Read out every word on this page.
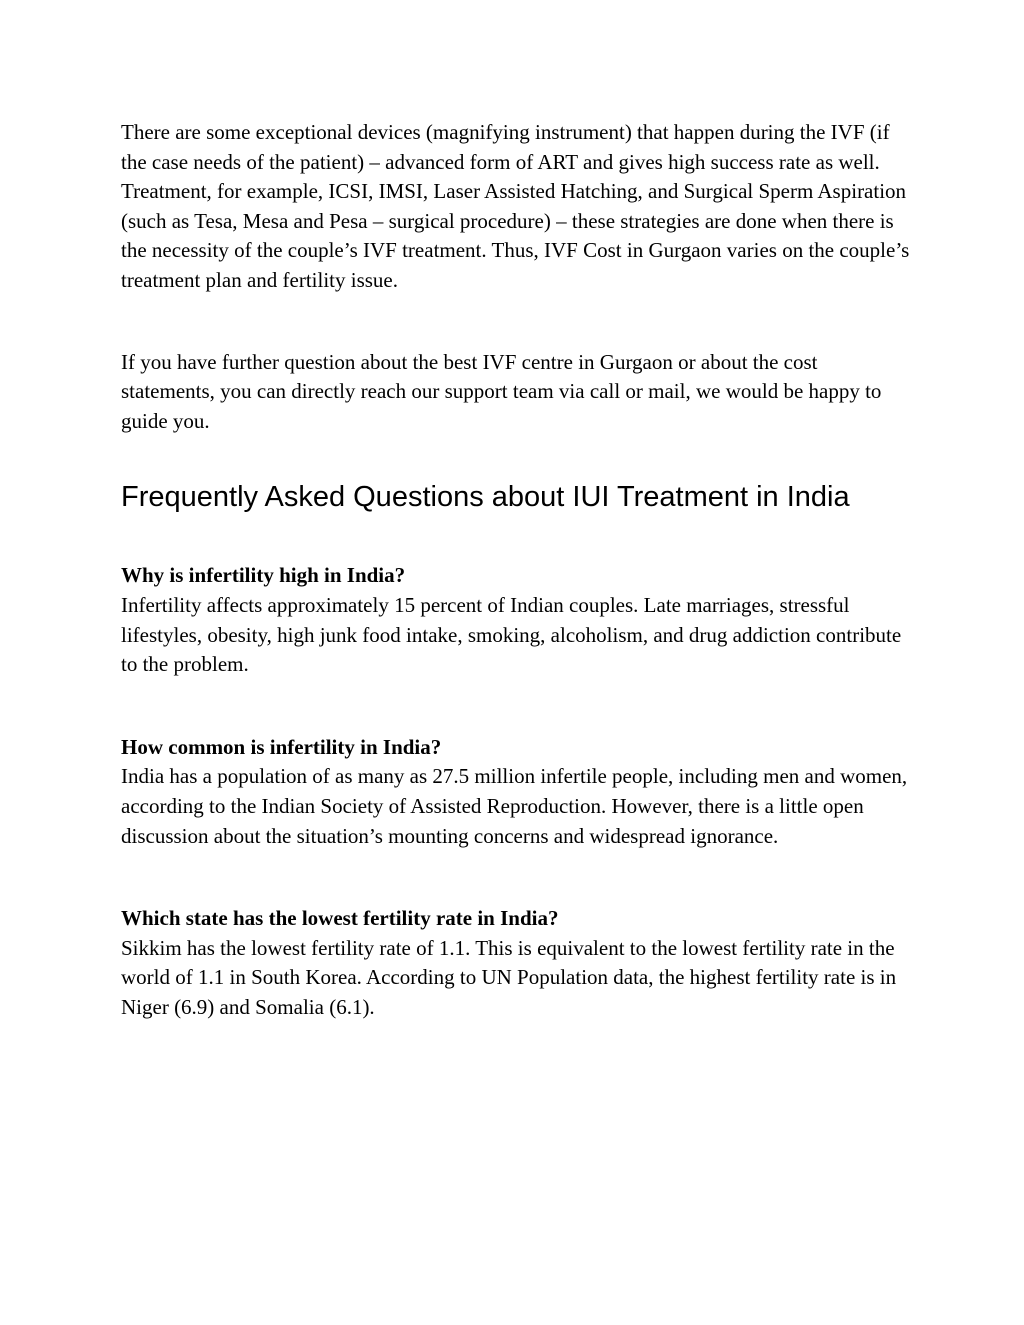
There are some exceptional devices (magnifying instrument) that happen during the IVF (if the case needs of the patient) – advanced form of ART and gives high success rate as well. Treatment, for example, ICSI, IMSI, Laser Assisted Hatching, and Surgical Sperm Aspiration (such as Tesa, Mesa and Pesa – surgical procedure) – these strategies are done when there is the necessity of the couple’s IVF treatment. Thus, IVF Cost in Gurgaon varies on the couple’s treatment plan and fertility issue.

If you have further question about the best IVF centre in Gurgaon or about the cost statements, you can directly reach our support team via call or mail, we would be happy to guide you.

Frequently Asked Questions about IUI Treatment in India

Why is infertility high in India?

Infertility affects approximately 15 percent of Indian couples. Late marriages, stressful lifestyles, obesity, high junk food intake, smoking, alcoholism, and drug addiction contribute to the problem.

How common is infertility in India?

India has a population of as many as 27.5 million infertile people, including men and women, according to the Indian Society of Assisted Reproduction. However, there is a little open discussion about the situation’s mounting concerns and widespread ignorance.

Which state has the lowest fertility rate in India?

Sikkim has the lowest fertility rate of 1.1. This is equivalent to the lowest fertility rate in the world of 1.1 in South Korea. According to UN Population data, the highest fertility rate is in Niger (6.9) and Somalia (6.1).
